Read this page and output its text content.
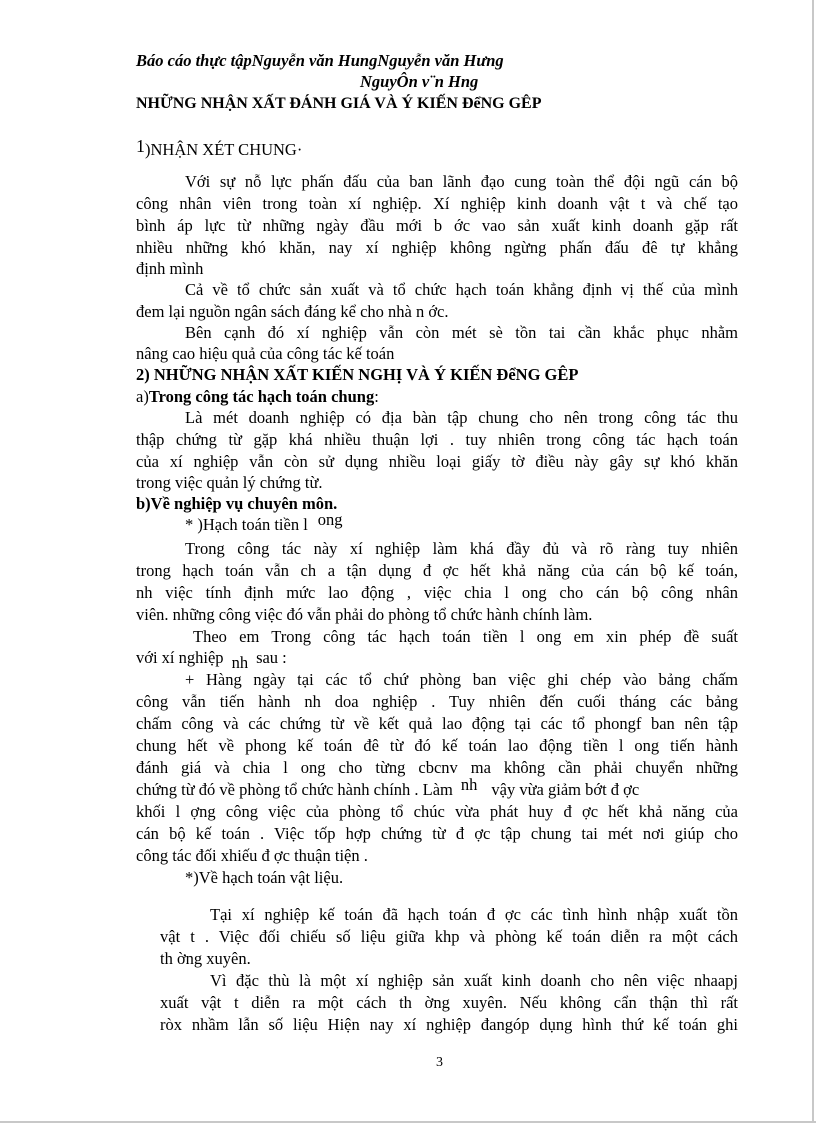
Báo cáo thực tậpNguyễn văn HungNguyễn văn Hưng
NguyÔn v¨n Hng
NHỮNG NHẬN XẤT ĐÁNH GIÁ VÀ Ý KIẾN ĐểNG GÊP
$^1$)NHẬN XÉT CHUNG·
Với sự nỗ lực phấn đấu của ban lãnh đạo cung toàn thể đội ngũ cán bộ
công nhân viên trong toàn xí nghiệp. Xí nghiệp kinh doanh vật t và chế tạo
bình áp lực từ những ngày đầu mới b ớc vao sản xuất kinh doanh gặp rất
nhiều những khó khăn, nay xí nghiệp không ngừng phấn đấu đê tự khẳng
định mình
Cả về tổ chức sản xuất và tổ chức hạch toán khẳng định vị thế của mình
đem lại nguồn ngân sách đáng kể cho nhà n ớc.
Bên cạnh đó xí nghiệp vẫn còn mét sè tồn tai cần khắc phục nhằm
nâng cao hiệu quả của công tác kế toán
2) NHỮNG NHẬN XẤT KIẾN NGHỊ VÀ Ý KIẾN ĐểNG GÊP
a)Trong công tác hạch toán chung:
Là mét doanh nghiệp có địa bàn tập chung cho nên trong công tác thu
thập chứng từ gặp khá nhiều thuận lợi . tuy nhiên trong công tác hạch toán
của xí nghiệp vẫn còn sử dụng nhiều loại giấy tờ điều này gây sự khó khăn
trong việc quản lý chứng từ.
b)Về nghiệp vụ chuyên môn.
* )Hạch toán tiền l ong
Trong công tác này xí nghiệp làm khá đầy đủ và rõ ràng tuy nhiên
trong hạch toán vẫn ch a tận dụng đ ợc hết khả năng của cán bộ kế toán,
nh việc tính định mức lao động , việc chia l ong cho cán bộ công nhân
viên. những công việc đó vẫn phải do phòng tổ chức hành chính làm.
Theo em Trong công tác hạch toán tiền l ong em xin phép đề suất
với xí nghiệp nh sau :
+ Hàng ngày tại các tổ chứ phòng ban việc ghi chép vào bảng chấm
công vẫn tiến hành nh doa nghiệp . Tuy nhiên đến cuối tháng các bảng
chấm công và các chứng từ về kết quả lao động tại các tổ phongf ban nên tập
chung hết về phong kế toán đê từ đó kế toán lao động tiền l ong tiến hành
đánh giá và chia l ong cho từng cbcnv ma không cần phải chuyển những
chứng từ đó về phòng tổ chức hành chính . Làm nh vậy vừa giảm bớt đ ợc
khối l ợng công việc của phòng tổ chúc vừa phát huy đ ợc hết khả năng của
cán bộ kế toán . Việc tốp hợp chứng từ đ ợc tập chung tai mét nơi giúp cho
công tác đối xhiếu đ ợc thuận tiện .
*)Về hạch toán vật liệu.
Tại xí nghiệp kế toán đã hạch toán đ ợc các tình hình nhập xuất tồn
vật t . Việc đối chiếu số liệu giữa khp và phòng kế toán diễn ra một cách
th ờng xuyên.
Vì đặc thù là một xí nghiệp sản xuất kinh doanh cho nên việc nhaapj
xuất vật t diễn ra một cách th ờng xuyên. Nếu không cẩn thận thì rất
ròx nhầm lẫn số liệu Hiện nay xí nghiệp đangóp dụng hình thứ kế toán ghi
3
